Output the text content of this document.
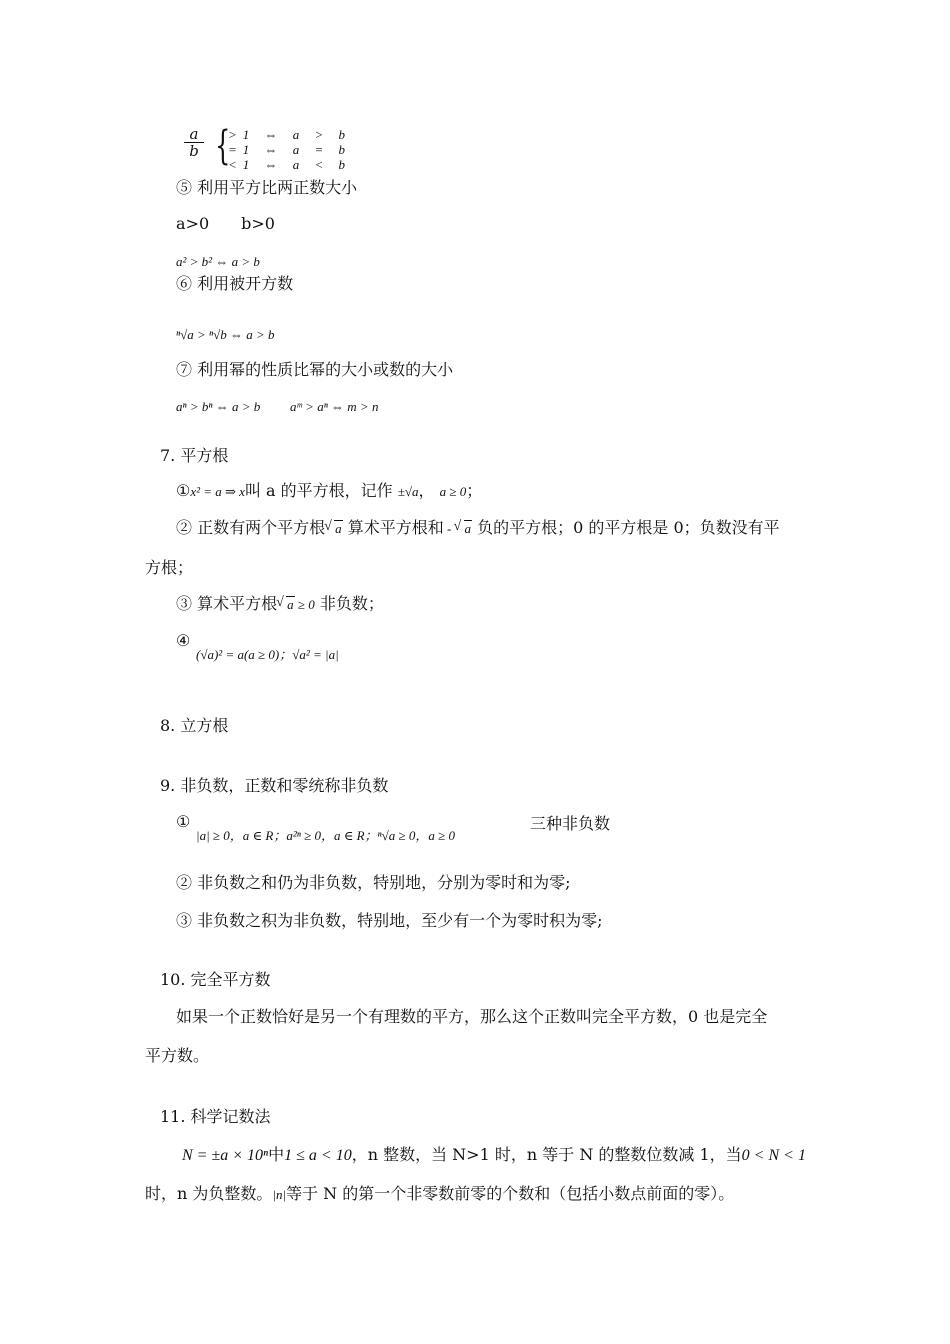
$\frac{a}{b}$ {
>1 ⇔ a > b
=1 ⇔ a = b
<1 ⇔ a < b
⑤ 利用平方比两正数大小
a>0　　b>0
a² > b² ⇔ a > b
⑥ 利用被开方数
ⁿ√a > ⁿ√b ⇔ a > b
⑦ 利用幂的性质比幂的大小或数的大小
aⁿ > bⁿ ⇔ a > b aᵐ > aⁿ ⇔ m > n
7. 平方根
①x² = a ⇒ x叫 a 的平方根，记作 ±√a， a ≥ 0；
② 正数有两个平方根 √ a 算术平方根和 - √ a 负的平方根；0 的平方根是 0；负数没有平
方根；
③ 算术平方根 √ a ≥ 0 非负数；
④
(√a)² = a(a ≥ 0)；√a² = |a|
8. 立方根
9. 非负数，正数和零统称非负数
①
|a| ≥ 0，a ∈ R；a²ⁿ ≥ 0，a ∈ R；ⁿ√a ≥ 0，a ≥ 0
三种非负数
② 非负数之和仍为非负数，特别地，分别为零时和为零;
③ 非负数之积为非负数，特别地，至少有一个为零时积为零;
10. 完全平方数
如果一个正数恰好是另一个有理数的平方，那么这个正数叫完全平方数，0 也是完全
平方数。
11. 科学记数法
N = ±a × 10ⁿ中1 ≤ a < 10，n 整数，当 N>1 时，n 等于 N 的整数位数减 1，当0 < N < 1
时，n 为负整数。|n|等于 N 的第一个非零数前零的个数和（包括小数点前面的零）。
